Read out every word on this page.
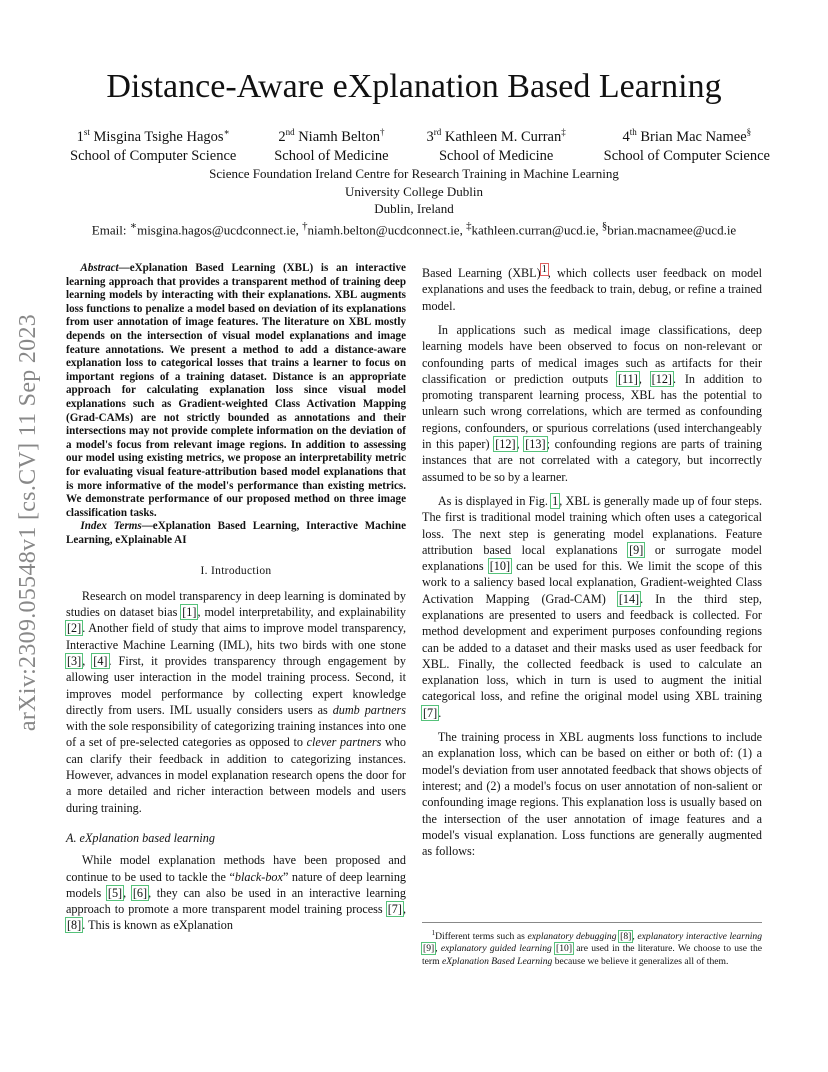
arXiv:2309.05548v1 [cs.CV] 11 Sep 2023
Distance-Aware eXplanation Based Learning
1st Misgina Tsighe Hagos∗
School of Computer Science
2nd Niamh Belton†
School of Medicine
3rd Kathleen M. Curran‡
School of Medicine
4th Brian Mac Namee§
School of Computer Science
Science Foundation Ireland Centre for Research Training in Machine Learning
University College Dublin
Dublin, Ireland
Email: ∗misgina.hagos@ucdconnect.ie, †niamh.belton@ucdconnect.ie, ‡kathleen.curran@ucd.ie, §brian.macnamee@ucd.ie

Abstract—eXplanation Based Learning (XBL) is an interactive learning approach that provides a transparent method of training deep learning models by interacting with their explanations. XBL augments loss functions to penalize a model based on deviation of its explanations from user annotation of image features. The literature on XBL mostly depends on the intersection of visual model explanations and image feature annotations. We present a method to add a distance-aware explanation loss to categorical losses that trains a learner to focus on important regions of a training dataset. Distance is an appropriate approach for calculating explanation loss since visual model explanations such as Gradient-weighted Class Activation Mapping (Grad-CAMs) are not strictly bounded as annotations and their intersections may not provide complete information on the deviation of a model's focus from relevant image regions. In addition to assessing our model using existing metrics, we propose an interpretability metric for evaluating visual feature-attribution based model explanations that is more informative of the model's performance than existing metrics. We demonstrate performance of our proposed method on three image classification tasks.

Index Terms—eXplanation Based Learning, Interactive Machine Learning, eXplainable AI

I. Introduction

Research on model transparency in deep learning is dominated by studies on dataset bias [1], model interpretability, and explainability [2]. Another field of study that aims to improve model transparency, Interactive Machine Learning (IML), hits two birds with one stone [3], [4]. First, it provides transparency through engagement by allowing user interaction in the model training process. Second, it improves model performance by collecting expert knowledge directly from users. IML usually considers users as dumb partners with the sole responsibility of categorizing training instances into one of a set of pre-selected categories as opposed to clever partners who can clarify their feedback in addition to categorizing instances. However, advances in model explanation research opens the door for a more detailed and richer interaction between models and users during training.

A. eXplanation based learning

While model explanation methods have been proposed and continue to be used to tackle the “black-box” nature of deep learning models [5], [6], they can also be used in an interactive learning approach to promote a more transparent model training process [7], [8]. This is known as eXplanation

Based Learning (XBL)$^1$, which collects user feedback on model explanations and uses the feedback to train, debug, or refine a trained model.

In applications such as medical image classifications, deep learning models have been observed to focus on non-relevant or confounding parts of medical images such as artifacts for their classification or prediction outputs [11], [12]. In addition to promoting transparent learning process, XBL has the potential to unlearn such wrong correlations, which are termed as confounding regions, confounders, or spurious correlations (used interchangeably in this paper) [12], [13]; confounding regions are parts of training instances that are not correlated with a category, but incorrectly assumed to be so by a learner.

As is displayed in Fig. 1, XBL is generally made up of four steps. The first is traditional model training which often uses a categorical loss. The next step is generating model explanations. Feature attribution based local explanations [9] or surrogate model explanations [10] can be used for this. We limit the scope of this work to a saliency based local explanation, Gradient-weighted Class Activation Mapping (Grad-CAM) [14]. In the third step, explanations are presented to users and feedback is collected. For method development and experiment purposes confounding regions can be added to a dataset and their masks used as user feedback for XBL. Finally, the collected feedback is used to calculate an explanation loss, which in turn is used to augment the initial categorical loss, and refine the original model using XBL training [7].

The training process in XBL augments loss functions to include an explanation loss, which can be based on either or both of: (1) a model's deviation from user annotated feedback that shows objects of interest; and (2) a model's focus on user annotation of non-salient or confounding image regions. This explanation loss is usually based on the intersection of the user annotation of image features and a model's visual explanation. Loss functions are generally augmented as follows:

$^1$Different terms such as explanatory debugging [8], explanatory interactive learning [9], explanatory guided learning [10] are used in the literature. We choose to use the term eXplanation Based Learning because we believe it generalizes all of them.
